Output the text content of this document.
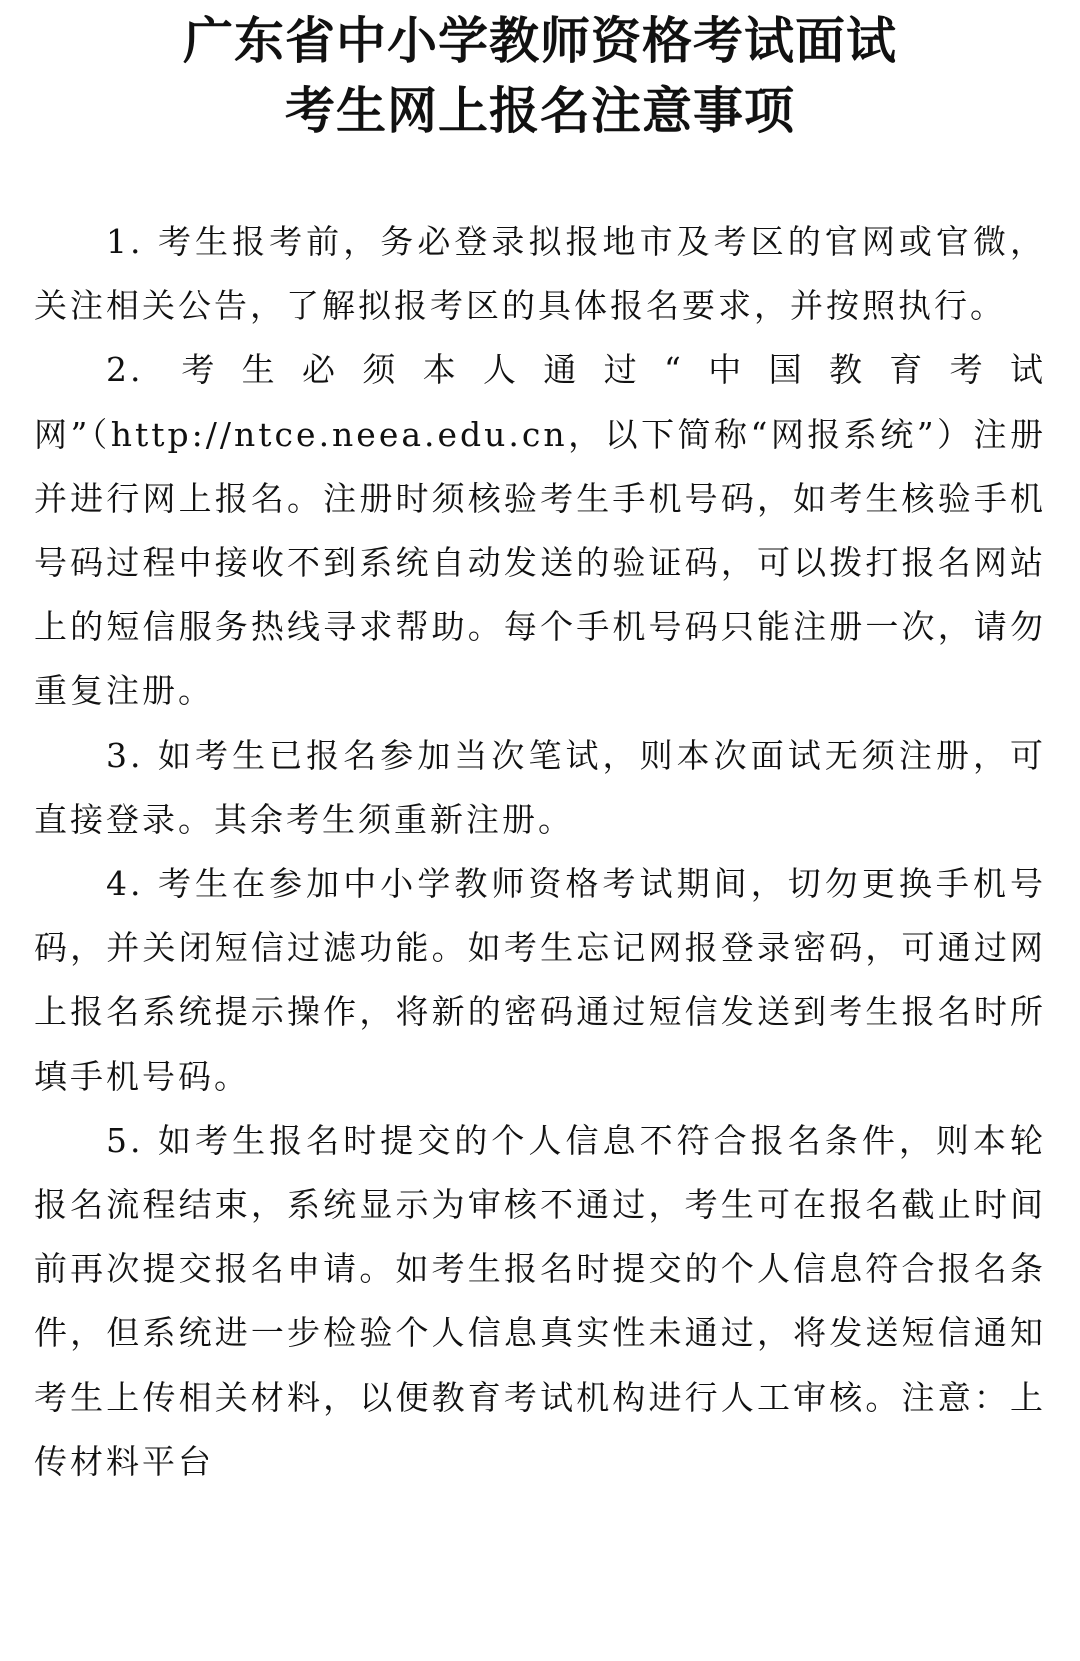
广东省中小学教师资格考试面试
考生网上报名注意事项

1. 考生报考前，务必登录拟报地市及考区的官网或官微，关注相关公告，了解拟报考区的具体报名要求，并按照执行。

2. 考生必须本人通过“中国教育考试网”（http://ntce.neea.edu.cn，以下简称“网报系统”）注册并进行网上报名。注册时须核验考生手机号码，如考生核验手机号码过程中接收不到系统自动发送的验证码，可以拨打报名网站上的短信服务热线寻求帮助。每个手机号码只能注册一次，请勿重复注册。

3. 如考生已报名参加当次笔试，则本次面试无须注册，可直接登录。其余考生须重新注册。

4. 考生在参加中小学教师资格考试期间，切勿更换手机号码，并关闭短信过滤功能。如考生忘记网报登录密码，可通过网上报名系统提示操作，将新的密码通过短信发送到考生报名时所填手机号码。

5. 如考生报名时提交的个人信息不符合报名条件，则本轮报名流程结束，系统显示为审核不通过，考生可在报名截止时间前再次提交报名申请。如考生报名时提交的个人信息符合报名条件，但系统进一步检验个人信息真实性未通过，将发送短信通知考生上传相关材料，以便教育考试机构进行人工审核。注意：上传材料平台
